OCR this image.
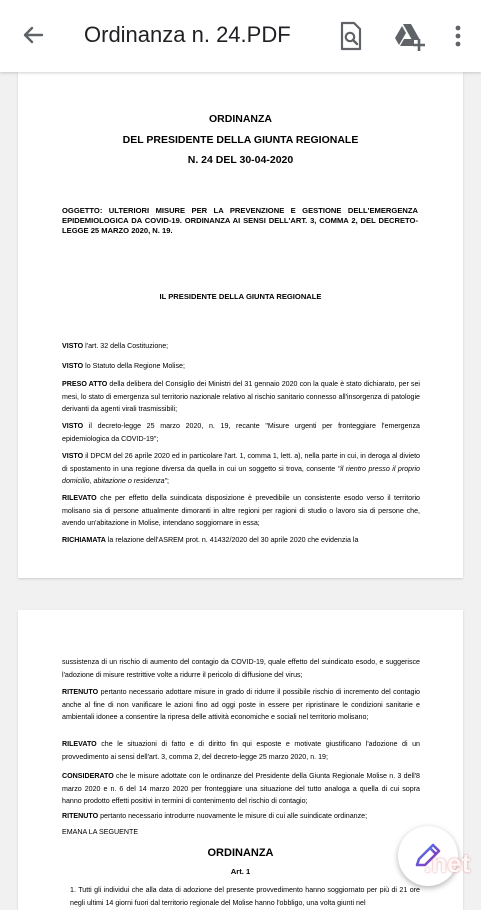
Ordinanza n. 24.PDF
ORDINANZA
DEL PRESIDENTE DELLA GIUNTA REGIONALE
N. 24 DEL 30-04-2020
OGGETTO: ULTERIORI MISURE PER LA PREVENZIONE E GESTIONE DELL'EMERGENZA EPIDEMIOLOGICA DA COVID-19. ORDINANZA AI SENSI DELL'ART. 3, COMMA 2, DEL DECRETO-LEGGE 25 MARZO 2020, N. 19.
IL PRESIDENTE DELLA GIUNTA REGIONALE
VISTO l'art. 32 della Costituzione;
VISTO lo Statuto della Regione Molise;
PRESO ATTO della delibera del Consiglio dei Ministri del 31 gennaio 2020 con la quale è stato dichiarato, per sei mesi, lo stato di emergenza sul territorio nazionale relativo al rischio sanitario connesso all'insorgenza di patologie derivanti da agenti virali trasmissibili;
VISTO il decreto-legge 25 marzo 2020, n. 19, recante "Misure urgenti per fronteggiare l'emergenza epidemiologica da COVID-19";
VISTO il DPCM del 26 aprile 2020 ed in particolare l'art. 1, comma 1, lett. a), nella parte in cui, in deroga al divieto di spostamento in una regione diversa da quella in cui un soggetto si trova, consente "il rientro presso il proprio domicilio, abitazione o residenza";
RILEVATO che per effetto della suindicata disposizione è prevedibile un consistente esodo verso il territorio molisano sia di persone attualmente dimoranti in altre regioni per ragioni di studio o lavoro sia di persone che, avendo un'abitazione in Molise, intendano soggiornare in essa;
RICHIAMATA la relazione dell'ASREM prot. n. 41432/2020 del 30 aprile 2020 che evidenzia la
sussistenza di un rischio di aumento del contagio da COVID-19, quale effetto del suindicato esodo, e suggerisce l'adozione di misure restrittive volte a ridurre il pericolo di diffusione del virus;
RITENUTO pertanto necessario adottare misure in grado di ridurre il possibile rischio di incremento del contagio anche al fine di non vanificare le azioni fino ad oggi poste in essere per ripristinare le condizioni sanitarie e ambientali idonee a consentire la ripresa delle attività economiche e sociali nel territorio molisano;
RILEVATO che le situazioni di fatto e di diritto fin qui esposte e motivate giustificano l'adozione di un provvedimento ai sensi dell'art. 3, comma 2, del decreto-legge 25 marzo 2020, n. 19;
CONSIDERATO che le misure adottate con le ordinanze del Presidente della Giunta Regionale Molise n. 3 dell'8 marzo 2020 e n. 6 del 14 marzo 2020 per fronteggiare una situazione del tutto analoga a quella di cui sopra hanno prodotto effetti positivi in termini di contenimento del rischio di contagio;
RITENUTO pertanto necessario introdurre nuovamente le misure di cui alle suindicate ordinanze;
EMANA LA SEGUENTE
ORDINANZA
Art. 1
1. Tutti gli individui che alla data di adozione del presente provvedimento hanno soggiornato per più di 21 ore negli ultimi 14 giorni fuori dal territorio regionale del Molise hanno l'obbligo, una volta giunti nel
.net
